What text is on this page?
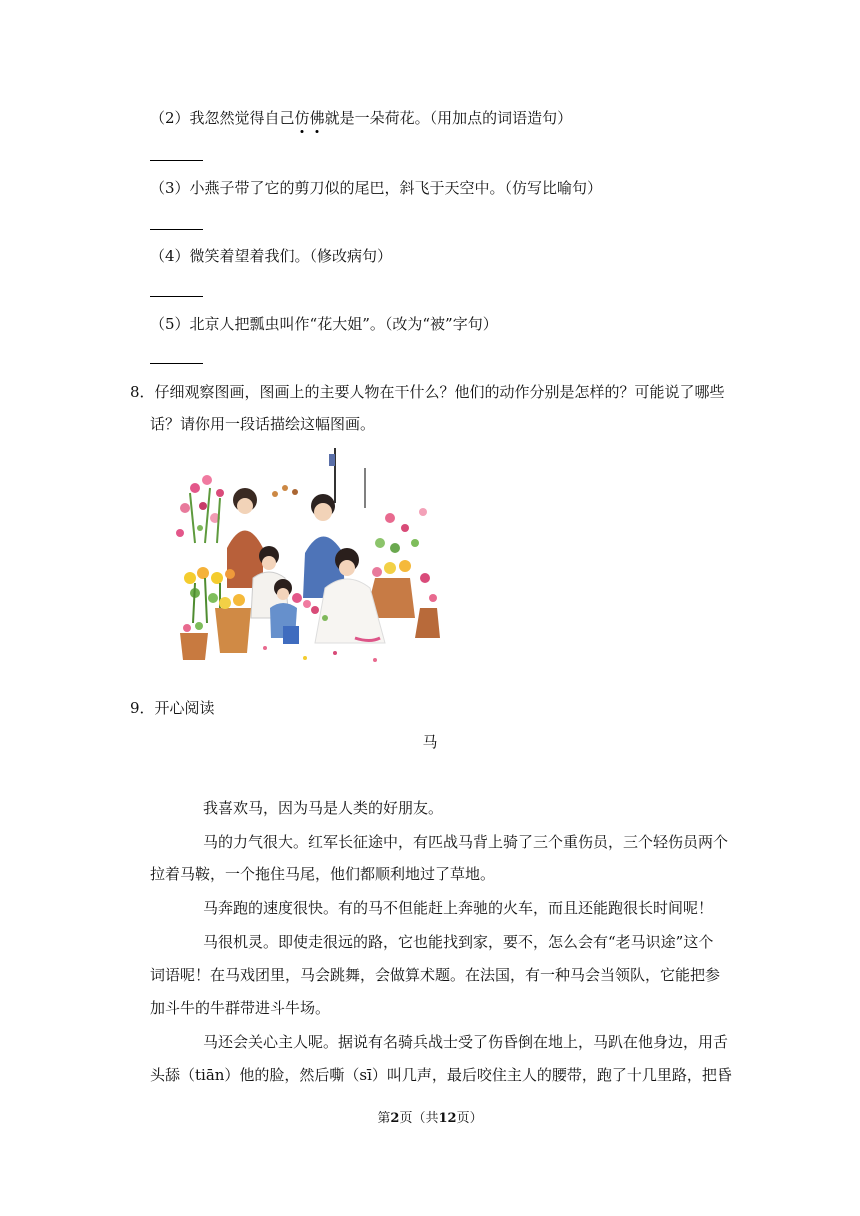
（2）我忽然觉得自己仿佛就是一朵荷花。（用加点的词语造句）
（3）小燕子带了它的剪刀似的尾巴，斜飞于天空中。（仿写比喻句）
（4）微笑着望着我们。（修改病句）
（5）北京人把瓢虫叫作“花大姐”。（改为“被”字句）
8．仔细观察图画，图画上的主要人物在干什么？他们的动作分别是怎样的？可能说了哪些
话？请你用一段话描绘这幅图画。
9．开心阅读
马
我喜欢马，因为马是人类的好朋友。
马的力气很大。红军长征途中，有匹战马背上骑了三个重伤员，三个轻伤员两个
拉着马鞍，一个拖住马尾，他们都顺利地过了草地。
马奔跑的速度很快。有的马不但能赶上奔驰的火车，而且还能跑很长时间呢！
马很机灵。即使走很远的路，它也能找到家，要不，怎么会有“老马识途”这个
词语呢！在马戏团里，马会跳舞，会做算术题。在法国，有一种马会当领队，它能把参
加斗牛的牛群带进斗牛场。
马还会关心主人呢。据说有名骑兵战士受了伤昏倒在地上，马趴在他身边，用舌
头舔（tiān）他的脸，然后嘶（sī）叫几声，最后咬住主人的腰带，跑了十几里路，把昏
第2页（共12页）
